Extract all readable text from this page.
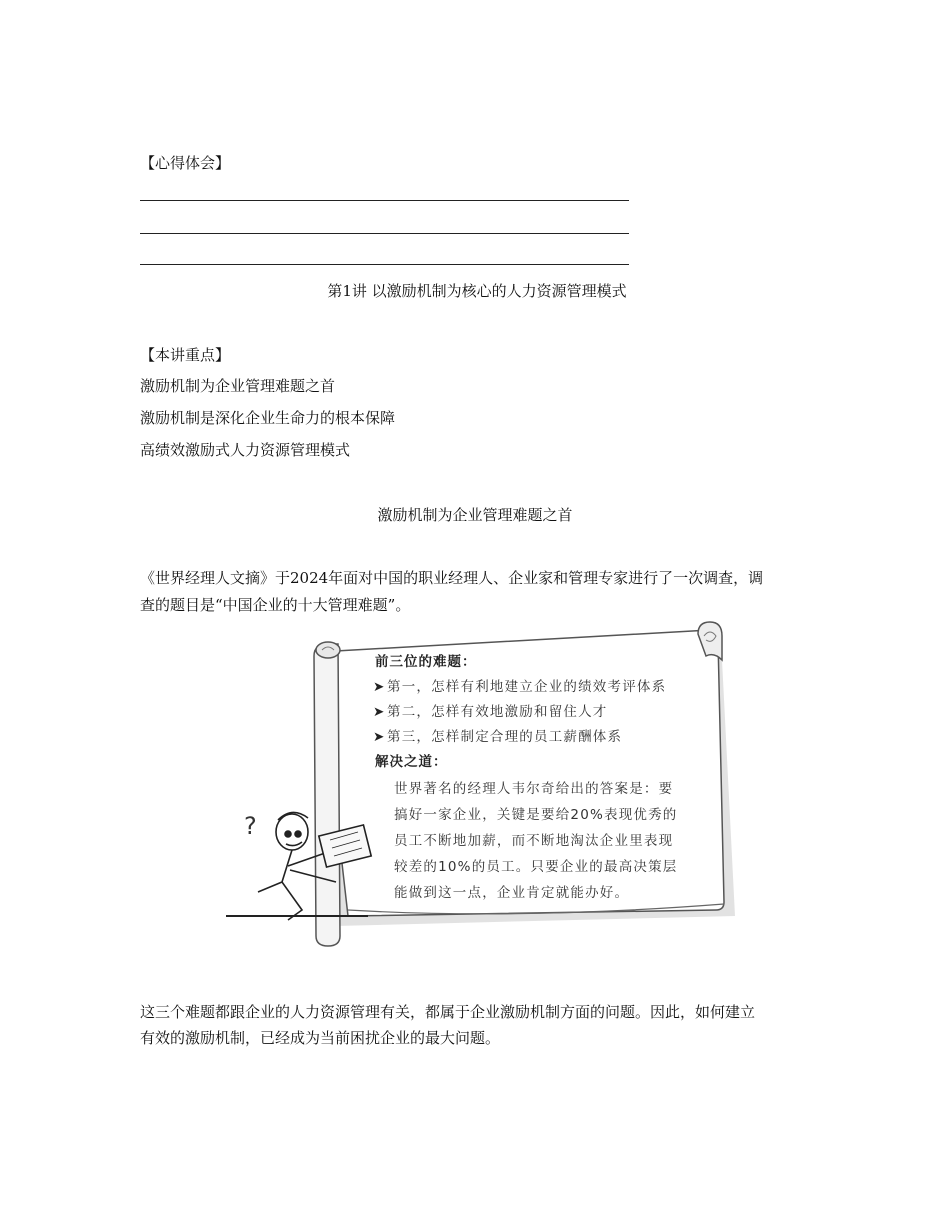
【心得体会】
第1讲 以激励机制为核心的人力资源管理模式
【本讲重点】
激励机制为企业管理难题之首
激励机制是深化企业生命力的根本保障
高绩效激励式人力资源管理模式
激励机制为企业管理难题之首
《世界经理人文摘》于2024年面对中国的职业经理人、企业家和管理专家进行了一次调查，调
查的题目是“中国企业的十大管理难题”。
?
前三位的难题：
➤第一，怎样有利地建立企业的绩效考评体系
➤第二，怎样有效地激励和留住人才
➤第三，怎样制定合理的员工薪酬体系
解决之道：
世界著名的经理人韦尔奇给出的答案是：要
搞好一家企业，关键是要给20%表现优秀的
员工不断地加薪，而不断地淘汰企业里表现
较差的10%的员工。只要企业的最高决策层
能做到这一点，企业肯定就能办好。
这三个难题都跟企业的人力资源管理有关，都属于企业激励机制方面的问题。因此，如何建立
有效的激励机制，已经成为当前困扰企业的最大问题。
